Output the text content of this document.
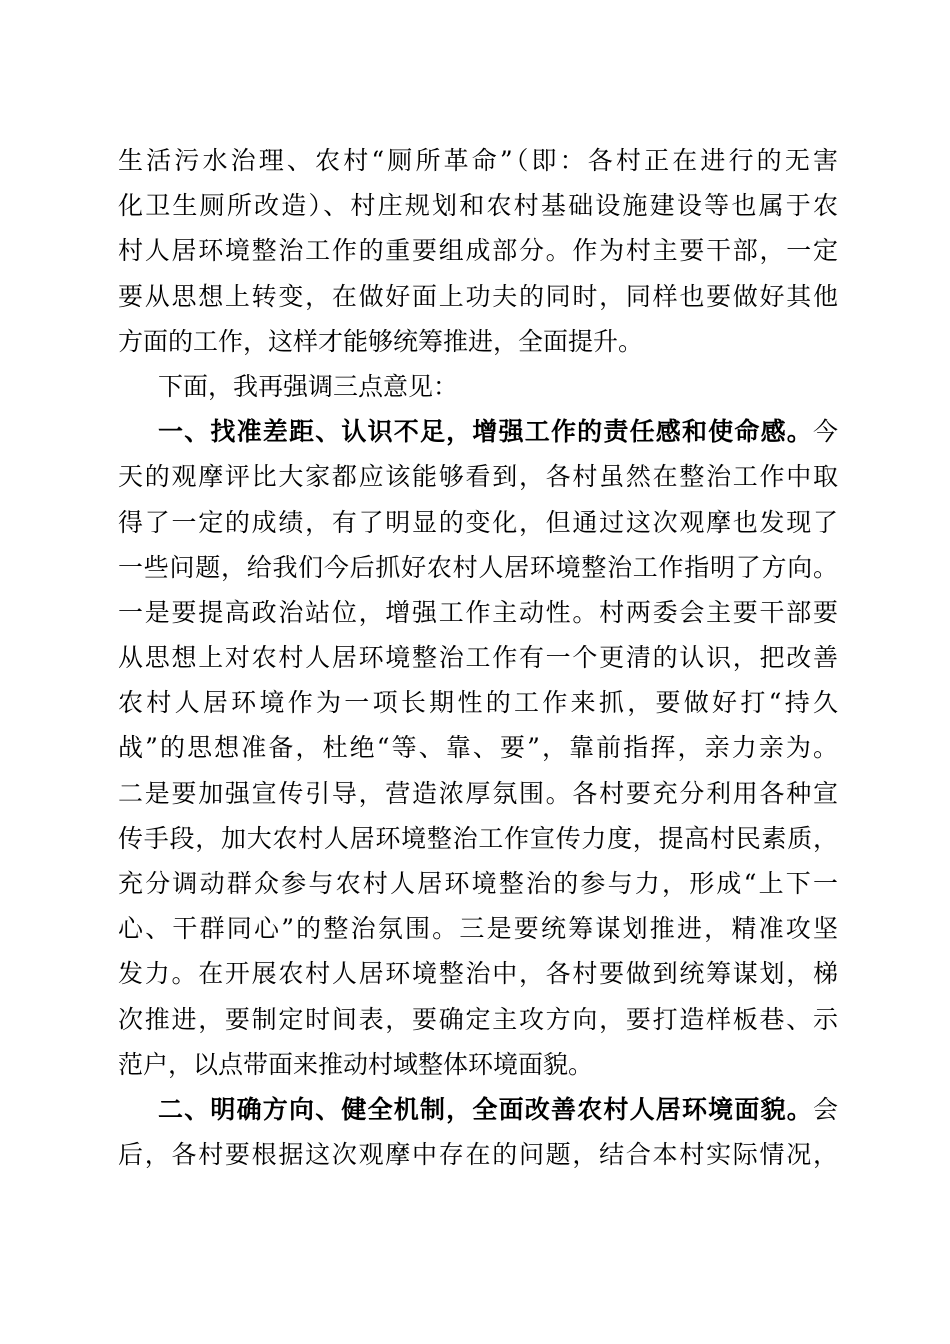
生活污水治理、农村“厕所革命”（即：各村正在进行的无害
化卫生厕所改造）、村庄规划和农村基础设施建设等也属于农
村人居环境整治工作的重要组成部分。作为村主要干部，一定
要从思想上转变，在做好面上功夫的同时，同样也要做好其他
方面的工作，这样才能够统筹推进，全面提升。
下面，我再强调三点意见：
一、找准差距、认识不足，增强工作的责任感和使命感。今
天的观摩评比大家都应该能够看到，各村虽然在整治工作中取
得了一定的成绩，有了明显的变化，但通过这次观摩也发现了
一些问题，给我们今后抓好农村人居环境整治工作指明了方向。
一是要提高政治站位，增强工作主动性。村两委会主要干部要
从思想上对农村人居环境整治工作有一个更清的认识，把改善
农村人居环境作为一项长期性的工作来抓，要做好打“持久
战”的思想准备，杜绝“等、靠、要”，靠前指挥，亲力亲为。
二是要加强宣传引导，营造浓厚氛围。各村要充分利用各种宣
传手段，加大农村人居环境整治工作宣传力度，提高村民素质，
充分调动群众参与农村人居环境整治的参与力，形成“上下一
心、干群同心”的整治氛围。三是要统筹谋划推进，精准攻坚
发力。在开展农村人居环境整治中，各村要做到统筹谋划，梯
次推进，要制定时间表，要确定主攻方向，要打造样板巷、示
范户，以点带面来推动村域整体环境面貌。
二、明确方向、健全机制，全面改善农村人居环境面貌。会
后，各村要根据这次观摩中存在的问题，结合本村实际情况，
